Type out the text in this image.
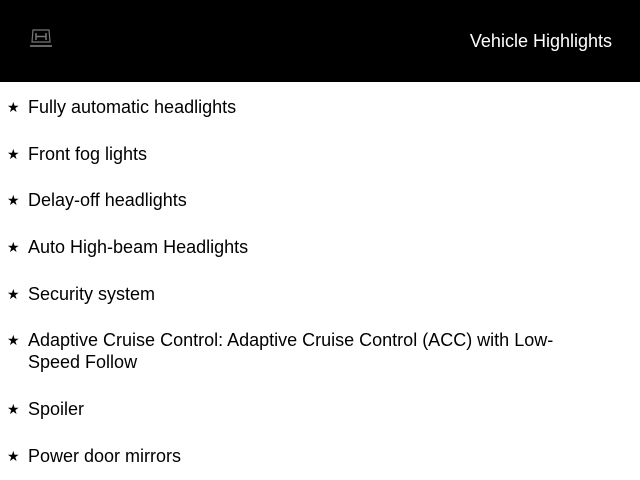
Vehicle Highlights
★ Fully automatic headlights
★ Front fog lights
★ Delay-off headlights
★ Auto High-beam Headlights
★ Security system
★ Adaptive Cruise Control: Adaptive Cruise Control (ACC) with Low-Speed Follow
★ Spoiler
★ Power door mirrors
